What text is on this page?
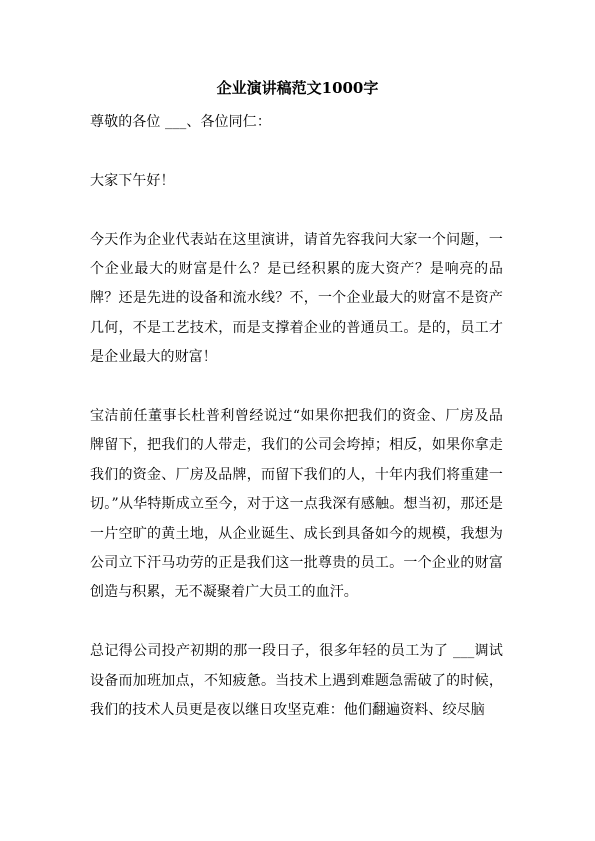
企业演讲稿范文1000字

尊敬的各位 ___、各位同仁：

大家下午好！

今天作为企业代表站在这里演讲，请首先容我问大家一个问题，一个企业最大的财富是什么？是已经积累的庞大资产？是响亮的品牌？还是先进的设备和流水线？不，一个企业最大的财富不是资产几何，不是工艺技术，而是支撑着企业的普通员工。是的，员工才是企业最大的财富！

宝洁前任董事长杜普利曾经说过“如果你把我们的资金、厂房及品牌留下，把我们的人带走，我们的公司会垮掉；相反，如果你拿走我们的资金、厂房及品牌，而留下我们的人，十年内我们将重建一切。”从华特斯成立至今，对于这一点我深有感触。想当初，那还是一片空旷的黄土地，从企业诞生、成长到具备如今的规模，我想为公司立下汗马功劳的正是我们这一批尊贵的员工。一个企业的财富创造与积累，无不凝聚着广大员工的血汗。

总记得公司投产初期的那一段日子，很多年轻的员工为了 ___调试设备而加班加点，不知疲惫。当技术上遇到难题急需破了的时候，我们的技术人员更是夜以继日攻坚克难：他们翻遍资料、绞尽脑
